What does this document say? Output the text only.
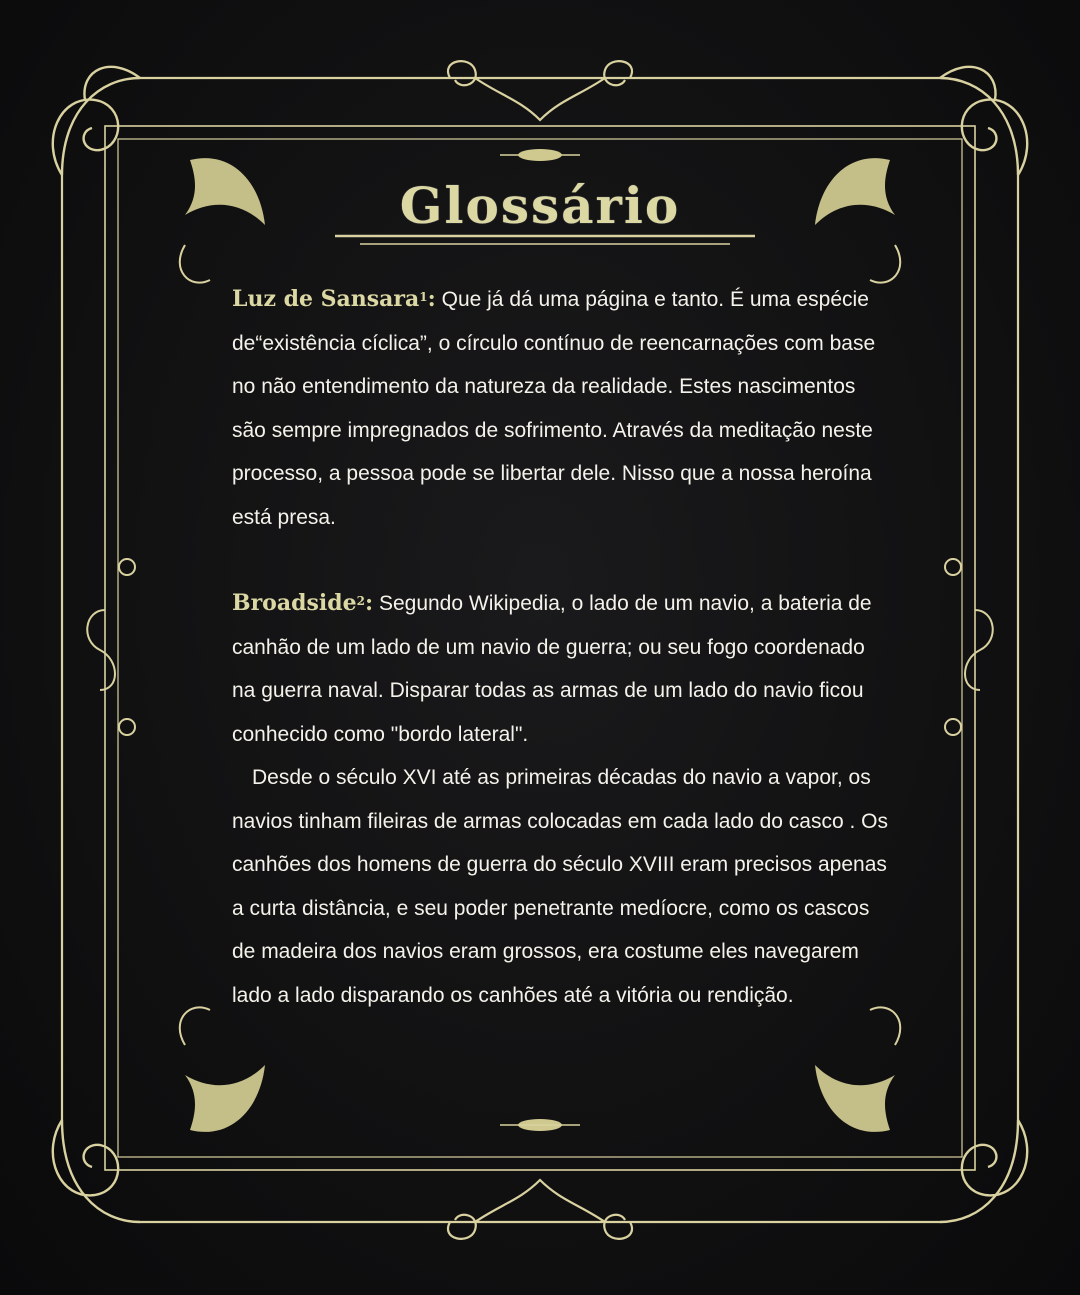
Glossário

Luz de Sansara$^1$: Que já dá uma página e tanto. É uma espécie de“existência cíclica”, o círculo contínuo de reencarnações com base no não entendimento da natureza da realidade. Estes nascimentos são sempre impregnados de sofrimento. Através da meditação neste processo, a pessoa pode se libertar dele. Nisso que a nossa heroína está presa.

Broadside$^2$: Segundo Wikipedia, o lado de um navio, a bateria de canhão de um lado de um navio de guerra; ou seu fogo coordenado na guerra naval. Disparar todas as armas de um lado do navio ficou conhecido como "bordo lateral".

Desde o século XVI até as primeiras décadas do navio a vapor, os navios tinham fileiras de armas colocadas em cada lado do casco . Os canhões dos homens de guerra do século XVIII eram precisos apenas a curta distância, e seu poder penetrante medíocre, como os cascos de madeira dos navios eram grossos, era costume eles navegarem lado a lado disparando os canhões até a vitória ou rendição.
